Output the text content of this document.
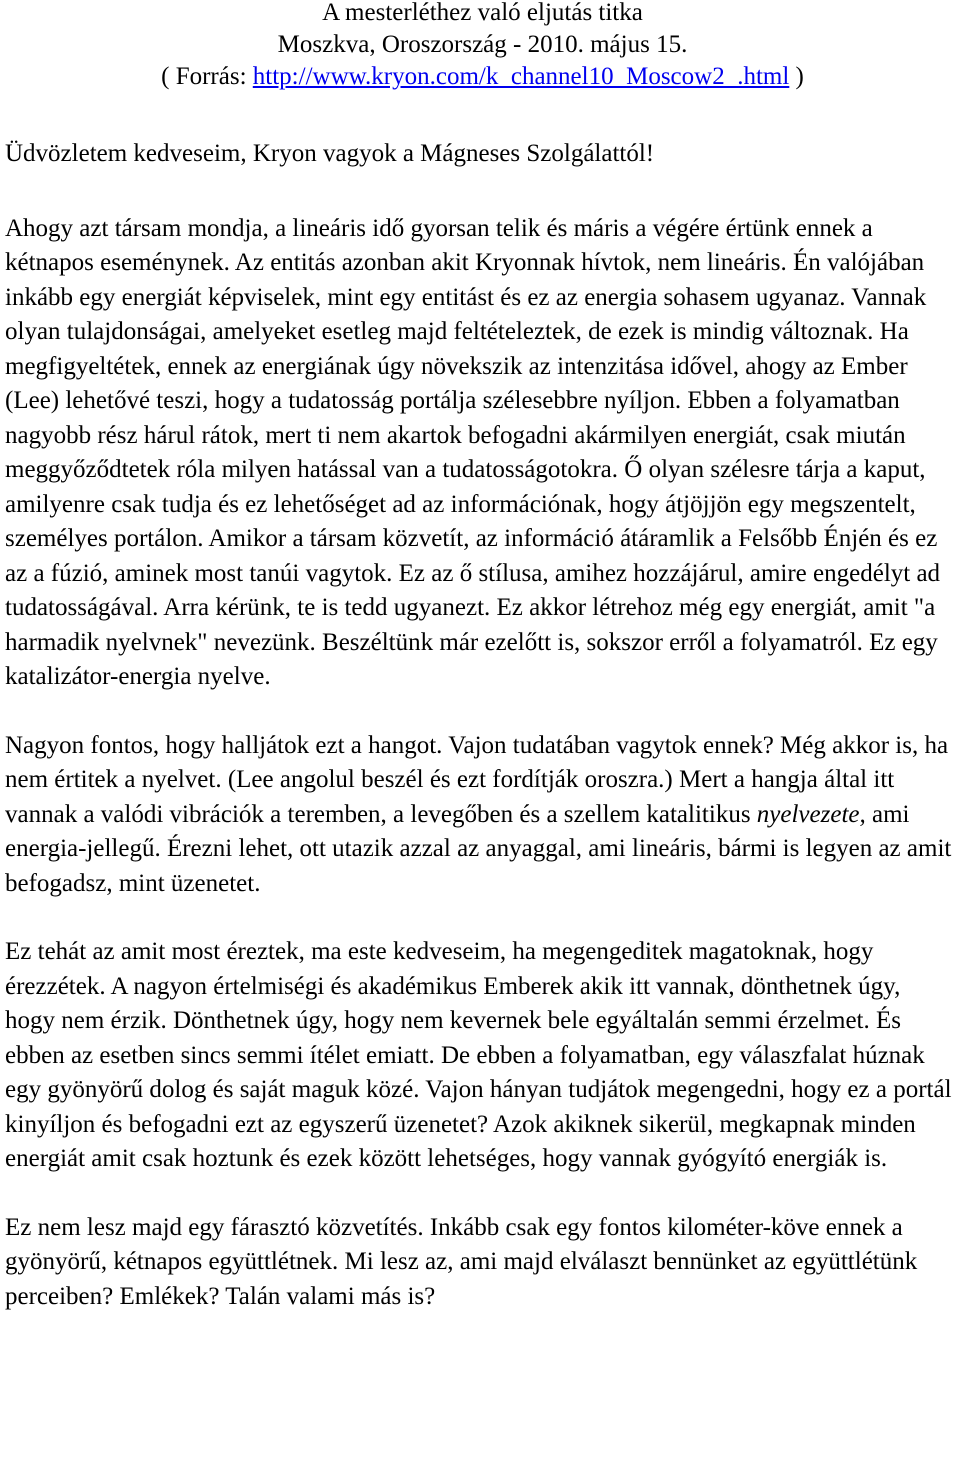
A mesterléthez való eljutás titka
Moszkva, Oroszország - 2010. május 15.
( Forrás: http://www.kryon.com/k_channel10_Moscow2_.html )

Üdvözletem kedveseim, Kryon vagyok a Mágneses Szolgálattól!

Ahogy azt társam mondja, a lineáris idő gyorsan telik és máris a végére értünk ennek a kétnapos eseménynek. Az entitás azonban akit Kryonnak hívtok, nem lineáris. Én valójában inkább egy energiát képviselek, mint egy entitást és ez az energia sohasem ugyanaz. Vannak olyan tulajdonságai, amelyeket esetleg majd feltételeztek, de ezek is mindig változnak. Ha megfigyeltétek, ennek az energiának úgy növekszik az intenzitása idővel, ahogy az Ember (Lee) lehetővé teszi, hogy a tudatosság portálja szélesebbre nyíljon. Ebben a folyamatban nagyobb rész hárul rátok, mert ti nem akartok befogadni akármilyen energiát, csak miután meggyőződtetek róla milyen hatással van a tudatosságotokra. Ő olyan szélesre tárja a kaput, amilyenre csak tudja és ez lehetőséget ad az információnak, hogy átjöjjön egy megszentelt, személyes portálon. Amikor a társam közvetít, az információ átáramlik a Felsőbb Énjén és ez az a fúzió, aminek most tanúi vagytok. Ez az ő stílusa, amihez hozzájárul, amire engedélyt ad tudatosságával. Arra kérünk, te is tedd ugyanezt. Ez akkor létrehoz még egy energiát, amit "a harmadik nyelvnek" nevezünk. Beszéltünk már ezelőtt is, sokszor erről a folyamatról. Ez egy katalizátor-energia nyelve.

Nagyon fontos, hogy halljátok ezt a hangot. Vajon tudatában vagytok ennek? Még akkor is, ha nem értitek a nyelvet. (Lee angolul beszél és ezt fordítják oroszra.) Mert a hangja által itt vannak a valódi vibrációk a teremben, a levegőben és a szellem katalitikus nyelvezete, ami energia-jellegű. Érezni lehet, ott utazik azzal az anyaggal, ami lineáris, bármi is legyen az amit befogadsz, mint üzenetet.

Ez tehát az amit most éreztek, ma este kedveseim, ha megengeditek magatoknak, hogy érezzétek. A nagyon értelmiségi és akadémikus Emberek akik itt vannak, dönthetnek úgy, hogy nem érzik. Dönthetnek úgy, hogy nem kevernek bele egyáltalán semmi érzelmet. És ebben az esetben sincs semmi ítélet emiatt. De ebben a folyamatban, egy válaszfalat húznak egy gyönyörű dolog és saját maguk közé. Vajon hányan tudjátok megengedni, hogy ez a portál kinyíljon és befogadni ezt az egyszerű üzenetet? Azok akiknek sikerül, megkapnak minden energiát amit csak hoztunk és ezek között lehetséges, hogy vannak gyógyító energiák is.

Ez nem lesz majd egy fárasztó közvetítés. Inkább csak egy fontos kilométer-köve ennek a gyönyörű, kétnapos együttlétnek. Mi lesz az, ami majd elválaszt bennünket az együttlétünk perceiben? Emlékek? Talán valami más is?
